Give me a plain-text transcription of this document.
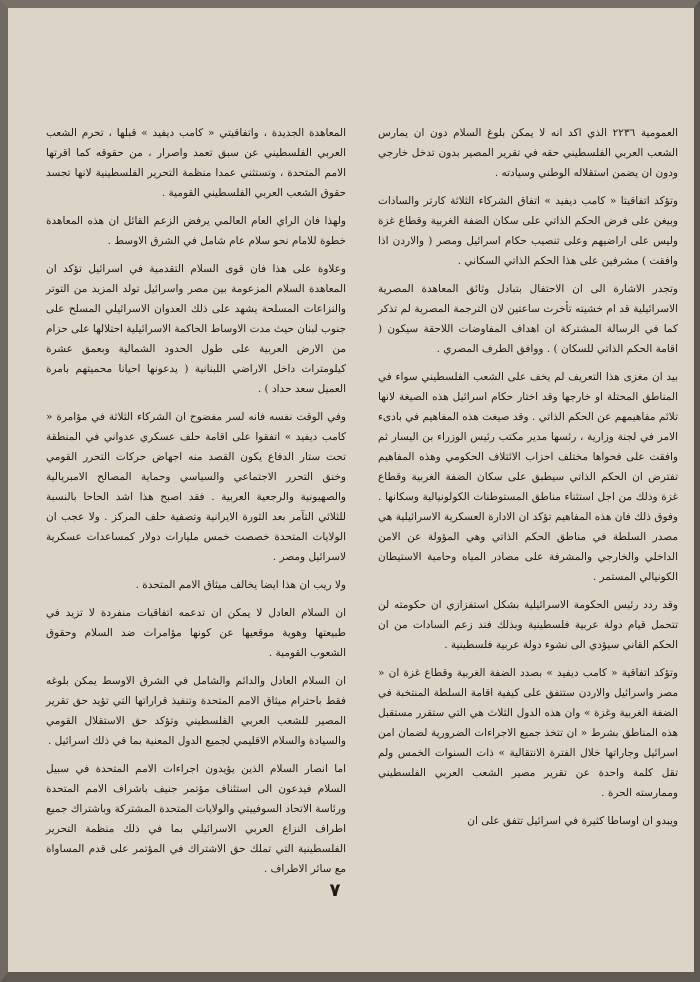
العمومية ٢٢٣٦ الذي اكد انه لا يمكن بلوغ السلام دون ان يمارس الشعب العربي الفلسطيني حقه في تقرير المصير بدون تدخل خارجي ودون ان يضمن استقلاله الوطني وسيادته .

وتؤكد اتفاقيتا « كامب ديفيد » اتفاق الشركاء الثلاثة كارتر والسادات وبيغن على فرض الحكم الذاتي على سكان الضفة الغربية وقطاع غزة وليس على اراضيهم وعلى تنصيب حكام اسرائيل ومصر ( والاردن اذا وافقت ) مشرفين على هذا الحكم الذاتي السكاني .

وتجدر الاشارة الى ان الاحتفال بتبادل وثائق المعاهدة المصرية الاسرائيلية قد ام خشيته تأخرت ساعتين لان الترجمة المصرية لم تذكر كما في الرسالة المشتركة ان اهداف المفاوضات اللاحقة سيكون ( اقامة الحكم الذاتي للسكان ) . ووافق الطرف المصري .

بيد ان مغزى هذا التعريف لم يخف على الشعب الفلسطيني سواء في المناطق المحتلة او خارجها وقد اختار حكام اسرائيل هذه الصيغة لانها تلائم مفاهيمهم عن الحكم الذاتي . وقد صيغت هذه المفاهيم في بادىء الامر في لجنة وزارية ، رئسها مدير مكتب رئيس الوزراء بن اليسار ثم وافقت على فحواها مختلف احزاب الائتلاف الحكومي وهذه المفاهيم تفترض ان الحكم الذاتي سيطبق على سكان الضفة الغربية وقطاع غزة وذلك من اجل استثناء مناطق المستوطنات الكولونيالية وسكانها . وفوق ذلك فان هذه المفاهيم تؤكد ان الادارة العسكرية الاسرائيلية هي مصدر السلطة في مناطق الحكم الذاتي وهي المؤولة عن الامن الداخلي والخارجي والمشرفة على مصادر المياه وحامية الاستيطان الكونيالي المستمر .

وقد ردد رئيس الحكومة الاسرائيلية بشكل استفزازي ان حكومته لن تتحمل قيام دولة عربية فلسطينية وبذلك فند زعم السادات من ان الحكم القاني سيؤدي الى نشوء دولة عربية فلسطينية .

وتؤكد اتفاقية « كامب ديفيد » بصدد الضفة الغربية وقطاع غزة ان « مصر واسرائيل والاردن ستتفق على كيفية اقامة السلطة المنتخبة في الضفة الغربية وغزة » وان هذه الدول الثلاث هي التي ستقرر مستقبل هذه المناطق بشرط « ان تتخذ جميع الاجراءات الضرورية لضمان امن اسرائيل وجاراتها خلال الفترة الانتقالية » ذات السنوات الخمس ولم تقل كلمة واحدة عن تقرير مصير الشعب العربي الفلسطيني وممارسته الحرة .

ويبدو ان اوساطا كثيرة في اسرائيل تتفق على ان

المعاهدة الجديدة ، واتفاقيتي « كامب ديفيد » قبلها ، تحرم الشعب العربي الفلسطيني عن سبق تعمد واصرار ، من حقوقه كما اقرتها الامم المتحدة ، وتستثني عمدا منظمة التحرير الفلسطينية لانها تجسد حقوق الشعب العربي الفلسطيني القومية .

ولهذا فان الراي العام العالمي يرفض الزعم القائل ان هذه المعاهدة خطوة للامام نحو سلام عام شامل في الشرق الاوسط .

وعلاوة على هذا فان قوى السلام التقدمية في اسرائيل تؤكد ان المعاهدة السلام المزعومة بين مصر واسرائيل تولد المزيد من التوتر والنزاعات المسلحة يشهد على ذلك العدوان الاسرائيلي المسلح على جنوب لبنان حيث مدت الاوساط الحاكمة الاسرائيلية احتلالها على حزام من الارض العربية على طول الحدود الشمالية وبعمق عشرة كيلومترات داخل الاراضي اللبنانية ( يدعونها احيانا محميتهم بامرة العميل سعد حداد ) .

وفي الوقت نفسه فانه لسر مفضوح ان الشركاء الثلاثة في مؤامرة « كامب ديفيد » اتفقوا على اقامة حلف عسكري عدواني في المنطقة تحت ستار الدفاع يكون القصد منه اجهاض حركات التحرر القومي وخنق التحرر الاجتماعي والسياسي وحماية المصالح الامبريالية والصهيونية والرجعية العربية . فقد اصبح هذا اشد الحاحا بالنسبة للثلاثي التآمر بعد الثورة الايرانية وتصفية حلف المركز . ولا عجب ان الولايات المتحدة خصصت خمس مليارات دولار كمساعدات عسكرية لاسرائيل ومصر .

ولا ريب ان هذا ايضا يخالف ميثاق الامم المتحدة .

ان السلام العادل لا يمكن ان تدعمه اتفاقيات منفردة لا تزيد في طبيعتها وهوية موقعيها عن كونها مؤامرات ضد السلام وحقوق الشعوب القومية .

ان السلام العادل والدائم والشامل في الشرق الاوسط يمكن بلوغه فقط باحترام ميثاق الامم المتحدة وتنفيذ قراراتها التي تؤيد حق تقرير المصير للشعب العربي الفلسطيني وتؤكد حق الاستقلال القومي والسيادة والسلام الاقليمي لجميع الدول المعنية بما في ذلك اسرائيل .

اما انصار السلام الذين يؤيدون اجراءات الامم المتحدة في سبيل السلام فيدعون الى استئناف مؤتمر جنيف باشراف الامم المتحدة ورئاسة الاتحاد السوفييتي والولايات المتحدة المشتركة وباشتراك جميع اطراف النزاع العربي الاسرائيلي بما في ذلك منظمة التحرير الفلسطينية التي تملك حق الاشتراك في المؤتمر على قدم المساواة مع سائر الاطراف .

٧
